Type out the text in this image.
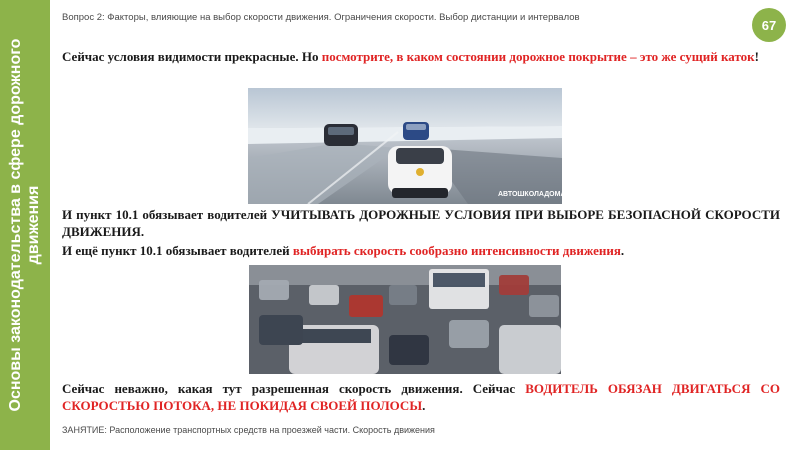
Основы законодательства в сфере дорожного движения
Вопрос 2: Факторы, влияющие на выбор скорости движения. Ограничения скорости. Выбор дистанции и интервалов	67
Сейчас условия видимости прекрасные. Но посмотрите, в каком состоянии дорожное покрытие – это же сущий каток!
АВТОШКОЛАДОМА.РФ
И пункт 10.1 обязывает водителей УЧИТЫВАТЬ ДОРОЖНЫЕ УСЛОВИЯ ПРИ ВЫБОРЕ БЕЗОПАСНОЙ СКОРОСТИ ДВИЖЕНИЯ.
И ещё пункт 10.1 обязывает водителей выбирать скорость сообразно интенсивности движения.
Сейчас неважно, какая тут разрешенная скорость движения. Сейчас ВОДИТЕЛЬ ОБЯЗАН ДВИГАТЬСЯ СО СКОРОСТЬЮ ПОТОКА, НЕ ПОКИДАЯ СВОЕЙ ПОЛОСЫ.
ЗАНЯТИЕ: Расположение транспортных средств на проезжей части. Скорость движения
